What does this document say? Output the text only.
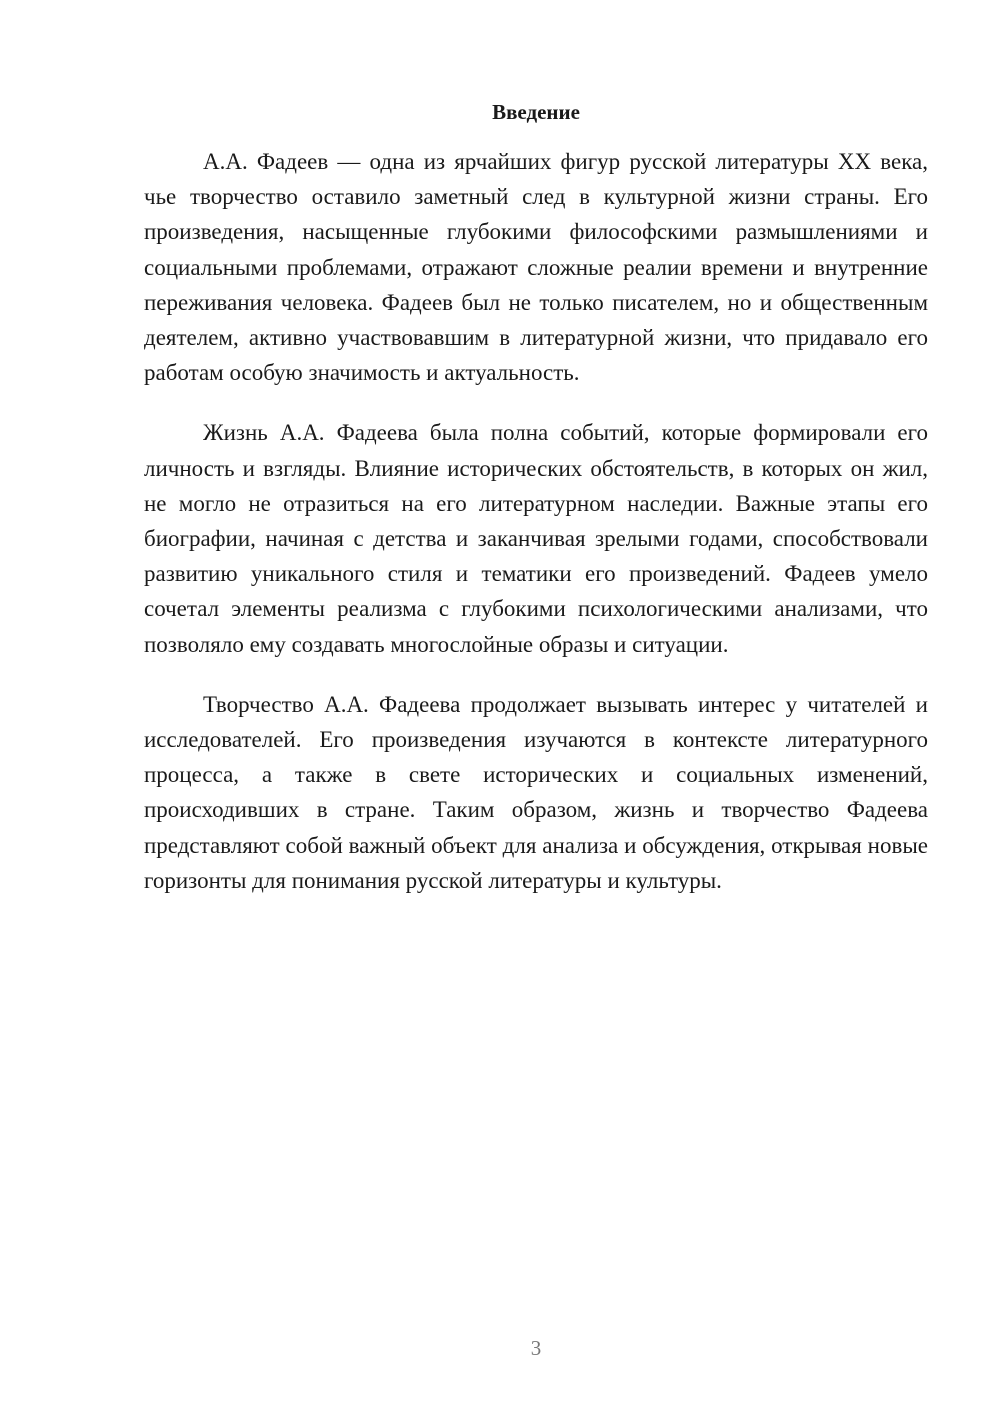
Введение

А.А. Фадеев — одна из ярчайших фигур русской литературы XX века, чье творчество оставило заметный след в культурной жизни страны. Его произведения, насыщенные глубокими философскими размышлениями и социальными проблемами, отражают сложные реалии времени и внутренние переживания человека. Фадеев был не только писателем, но и общественным деятелем, активно участвовавшим в литературной жизни, что придавало его работам особую значимость и актуальность.

Жизнь А.А. Фадеева была полна событий, которые формировали его личность и взгляды. Влияние исторических обстоятельств, в которых он жил, не могло не отразиться на его литературном наследии. Важные этапы его биографии, начиная с детства и заканчивая зрелыми годами, способствовали развитию уникального стиля и тематики его произведений. Фадеев умело сочетал элементы реализма с глубокими психологическими анализами, что позволяло ему создавать многослойные образы и ситуации.

Творчество А.А. Фадеева продолжает вызывать интерес у читателей и исследователей. Его произведения изучаются в контексте литературного процесса, а также в свете исторических и социальных изменений, происходивших в стране. Таким образом, жизнь и творчество Фадеева представляют собой важный объект для анализа и обсуждения, открывая новые горизонты для понимания русской литературы и культуры.

3
